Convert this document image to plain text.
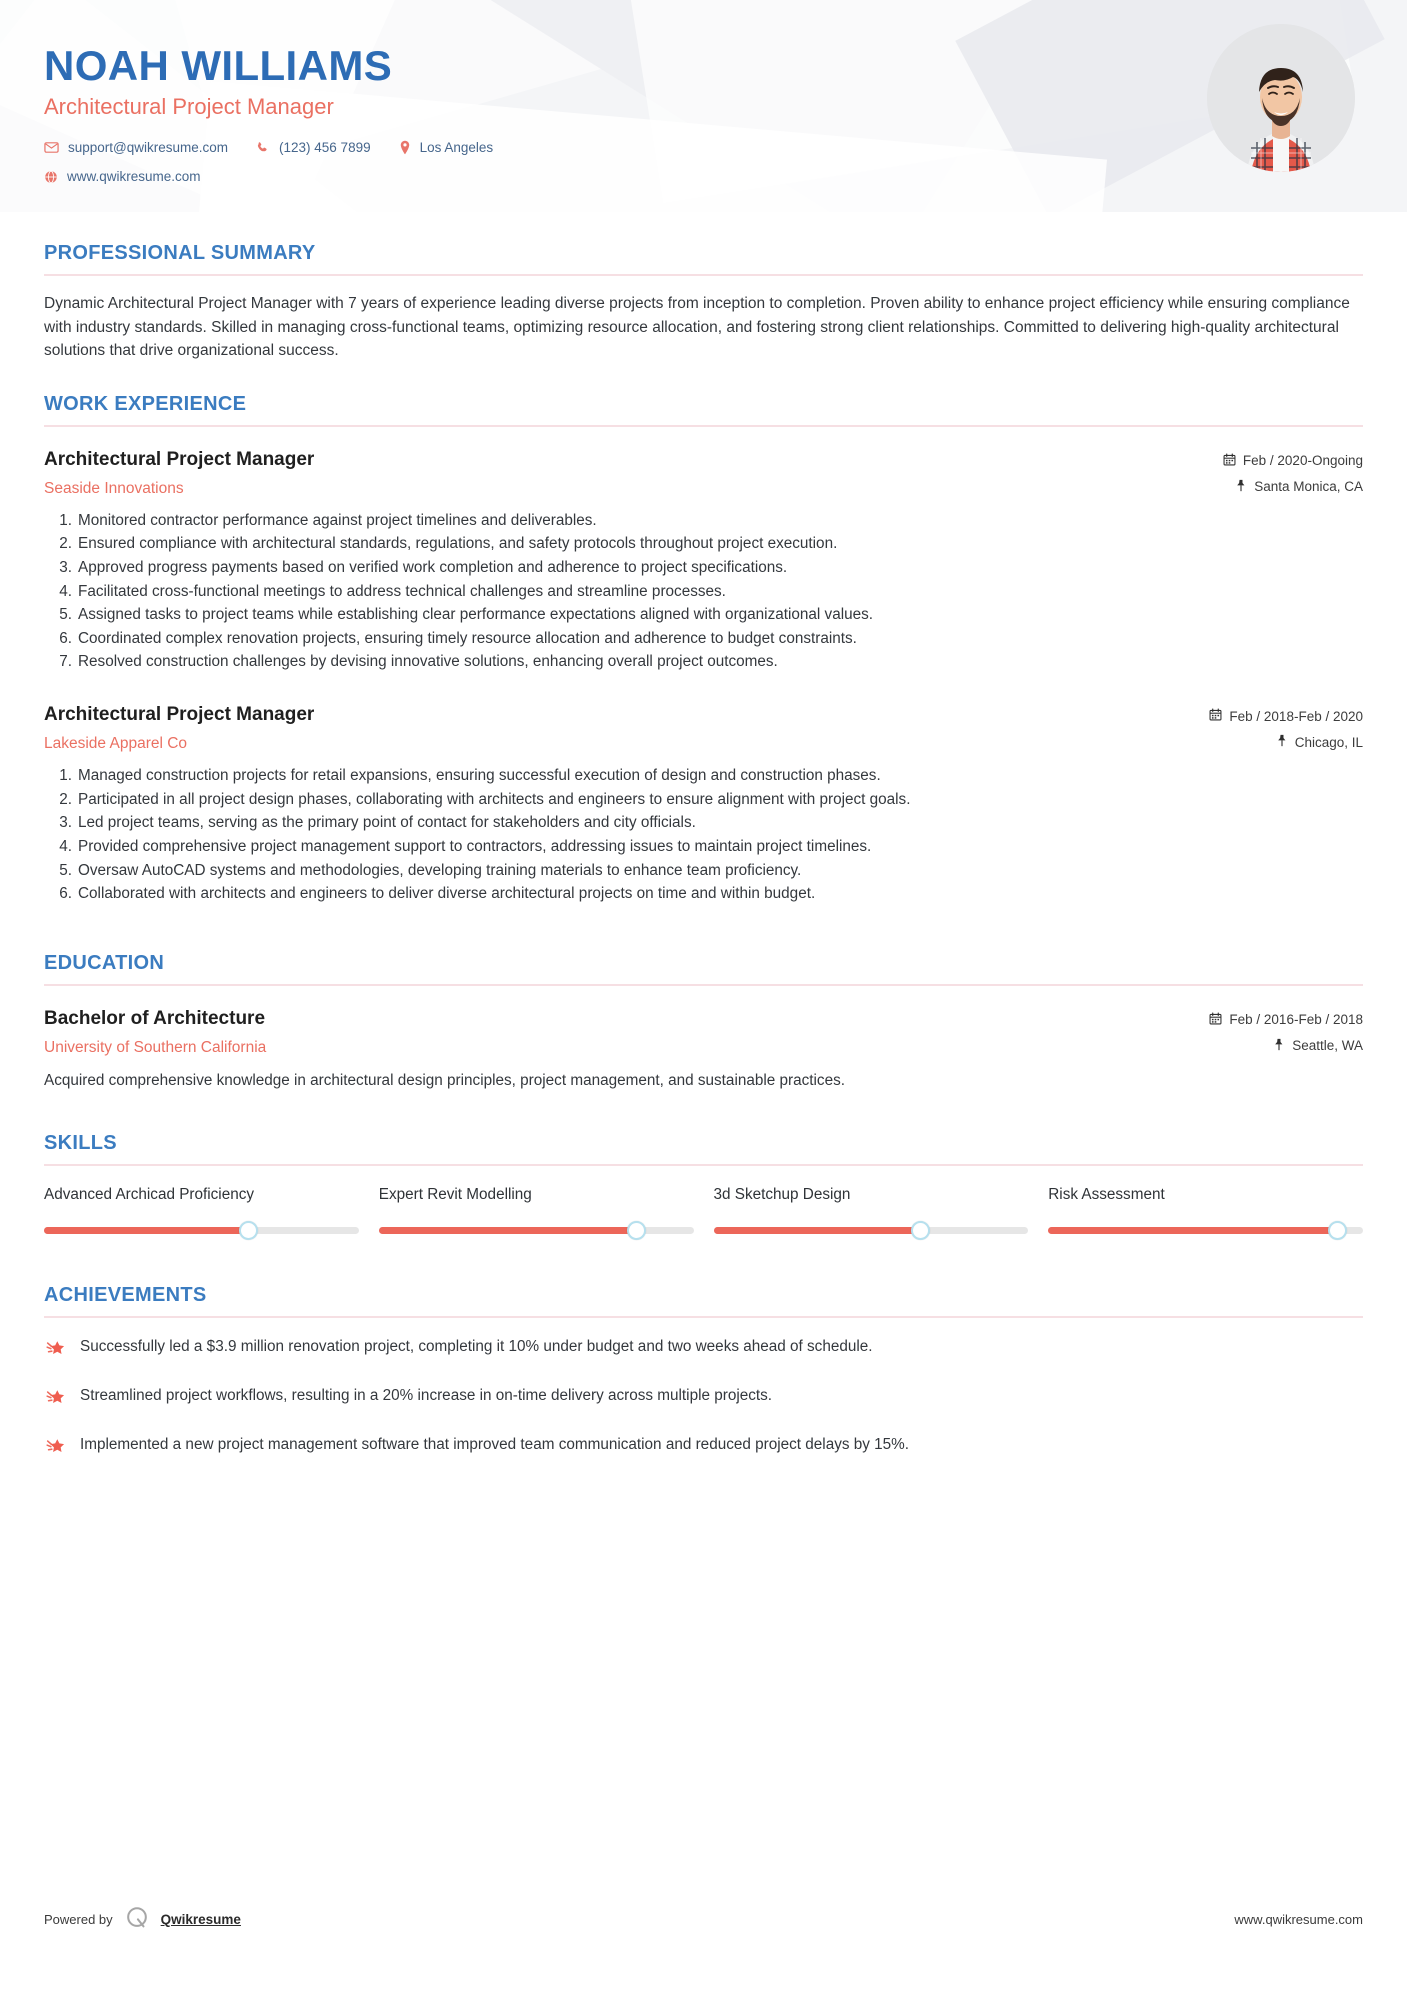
NOAH WILLIAMS
Architectural Project Manager
support@qwikresume.com	(123) 456 7899	Los Angeles
www.qwikresume.com
PROFESSIONAL SUMMARY

Dynamic Architectural Project Manager with 7 years of experience leading diverse projects from inception to completion. Proven ability to enhance project efficiency while ensuring compliance with industry standards. Skilled in managing cross-functional teams, optimizing resource allocation, and fostering strong client relationships. Committed to delivering high-quality architectural solutions that drive organizational success.

WORK EXPERIENCE
Architectural Project Manager
Seaside Innovations
Feb / 2020-Ongoing
Santa Monica, CA
Monitored contractor performance against project timelines and deliverables.
Ensured compliance with architectural standards, regulations, and safety protocols throughout project execution.
Approved progress payments based on verified work completion and adherence to project specifications.
Facilitated cross-functional meetings to address technical challenges and streamline processes.
Assigned tasks to project teams while establishing clear performance expectations aligned with organizational values.
Coordinated complex renovation projects, ensuring timely resource allocation and adherence to budget constraints.
Resolved construction challenges by devising innovative solutions, enhancing overall project outcomes.
Architectural Project Manager
Lakeside Apparel Co
Feb / 2018-Feb / 2020
Chicago, IL
Managed construction projects for retail expansions, ensuring successful execution of design and construction phases.
Participated in all project design phases, collaborating with architects and engineers to ensure alignment with project goals.
Led project teams, serving as the primary point of contact for stakeholders and city officials.
Provided comprehensive project management support to contractors, addressing issues to maintain project timelines.
Oversaw AutoCAD systems and methodologies, developing training materials to enhance team proficiency.
Collaborated with architects and engineers to deliver diverse architectural projects on time and within budget.
EDUCATION
Bachelor of Architecture
University of Southern California
Feb / 2016-Feb / 2018
Seattle, WA

Acquired comprehensive knowledge in architectural design principles, project management, and sustainable practices.

SKILLS
Advanced Archicad Proficiency	Expert Revit Modelling	3d Sketchup Design	Risk Assessment
ACHIEVEMENTS
Successfully led a $3.9 million renovation project, completing it 10% under budget and two weeks ahead of schedule.
Streamlined project workflows, resulting in a 20% increase in on-time delivery across multiple projects.
Implemented a new project management software that improved team communication and reduced project delays by 15%.
Powered by	Qwikresume	www.qwikresume.com
